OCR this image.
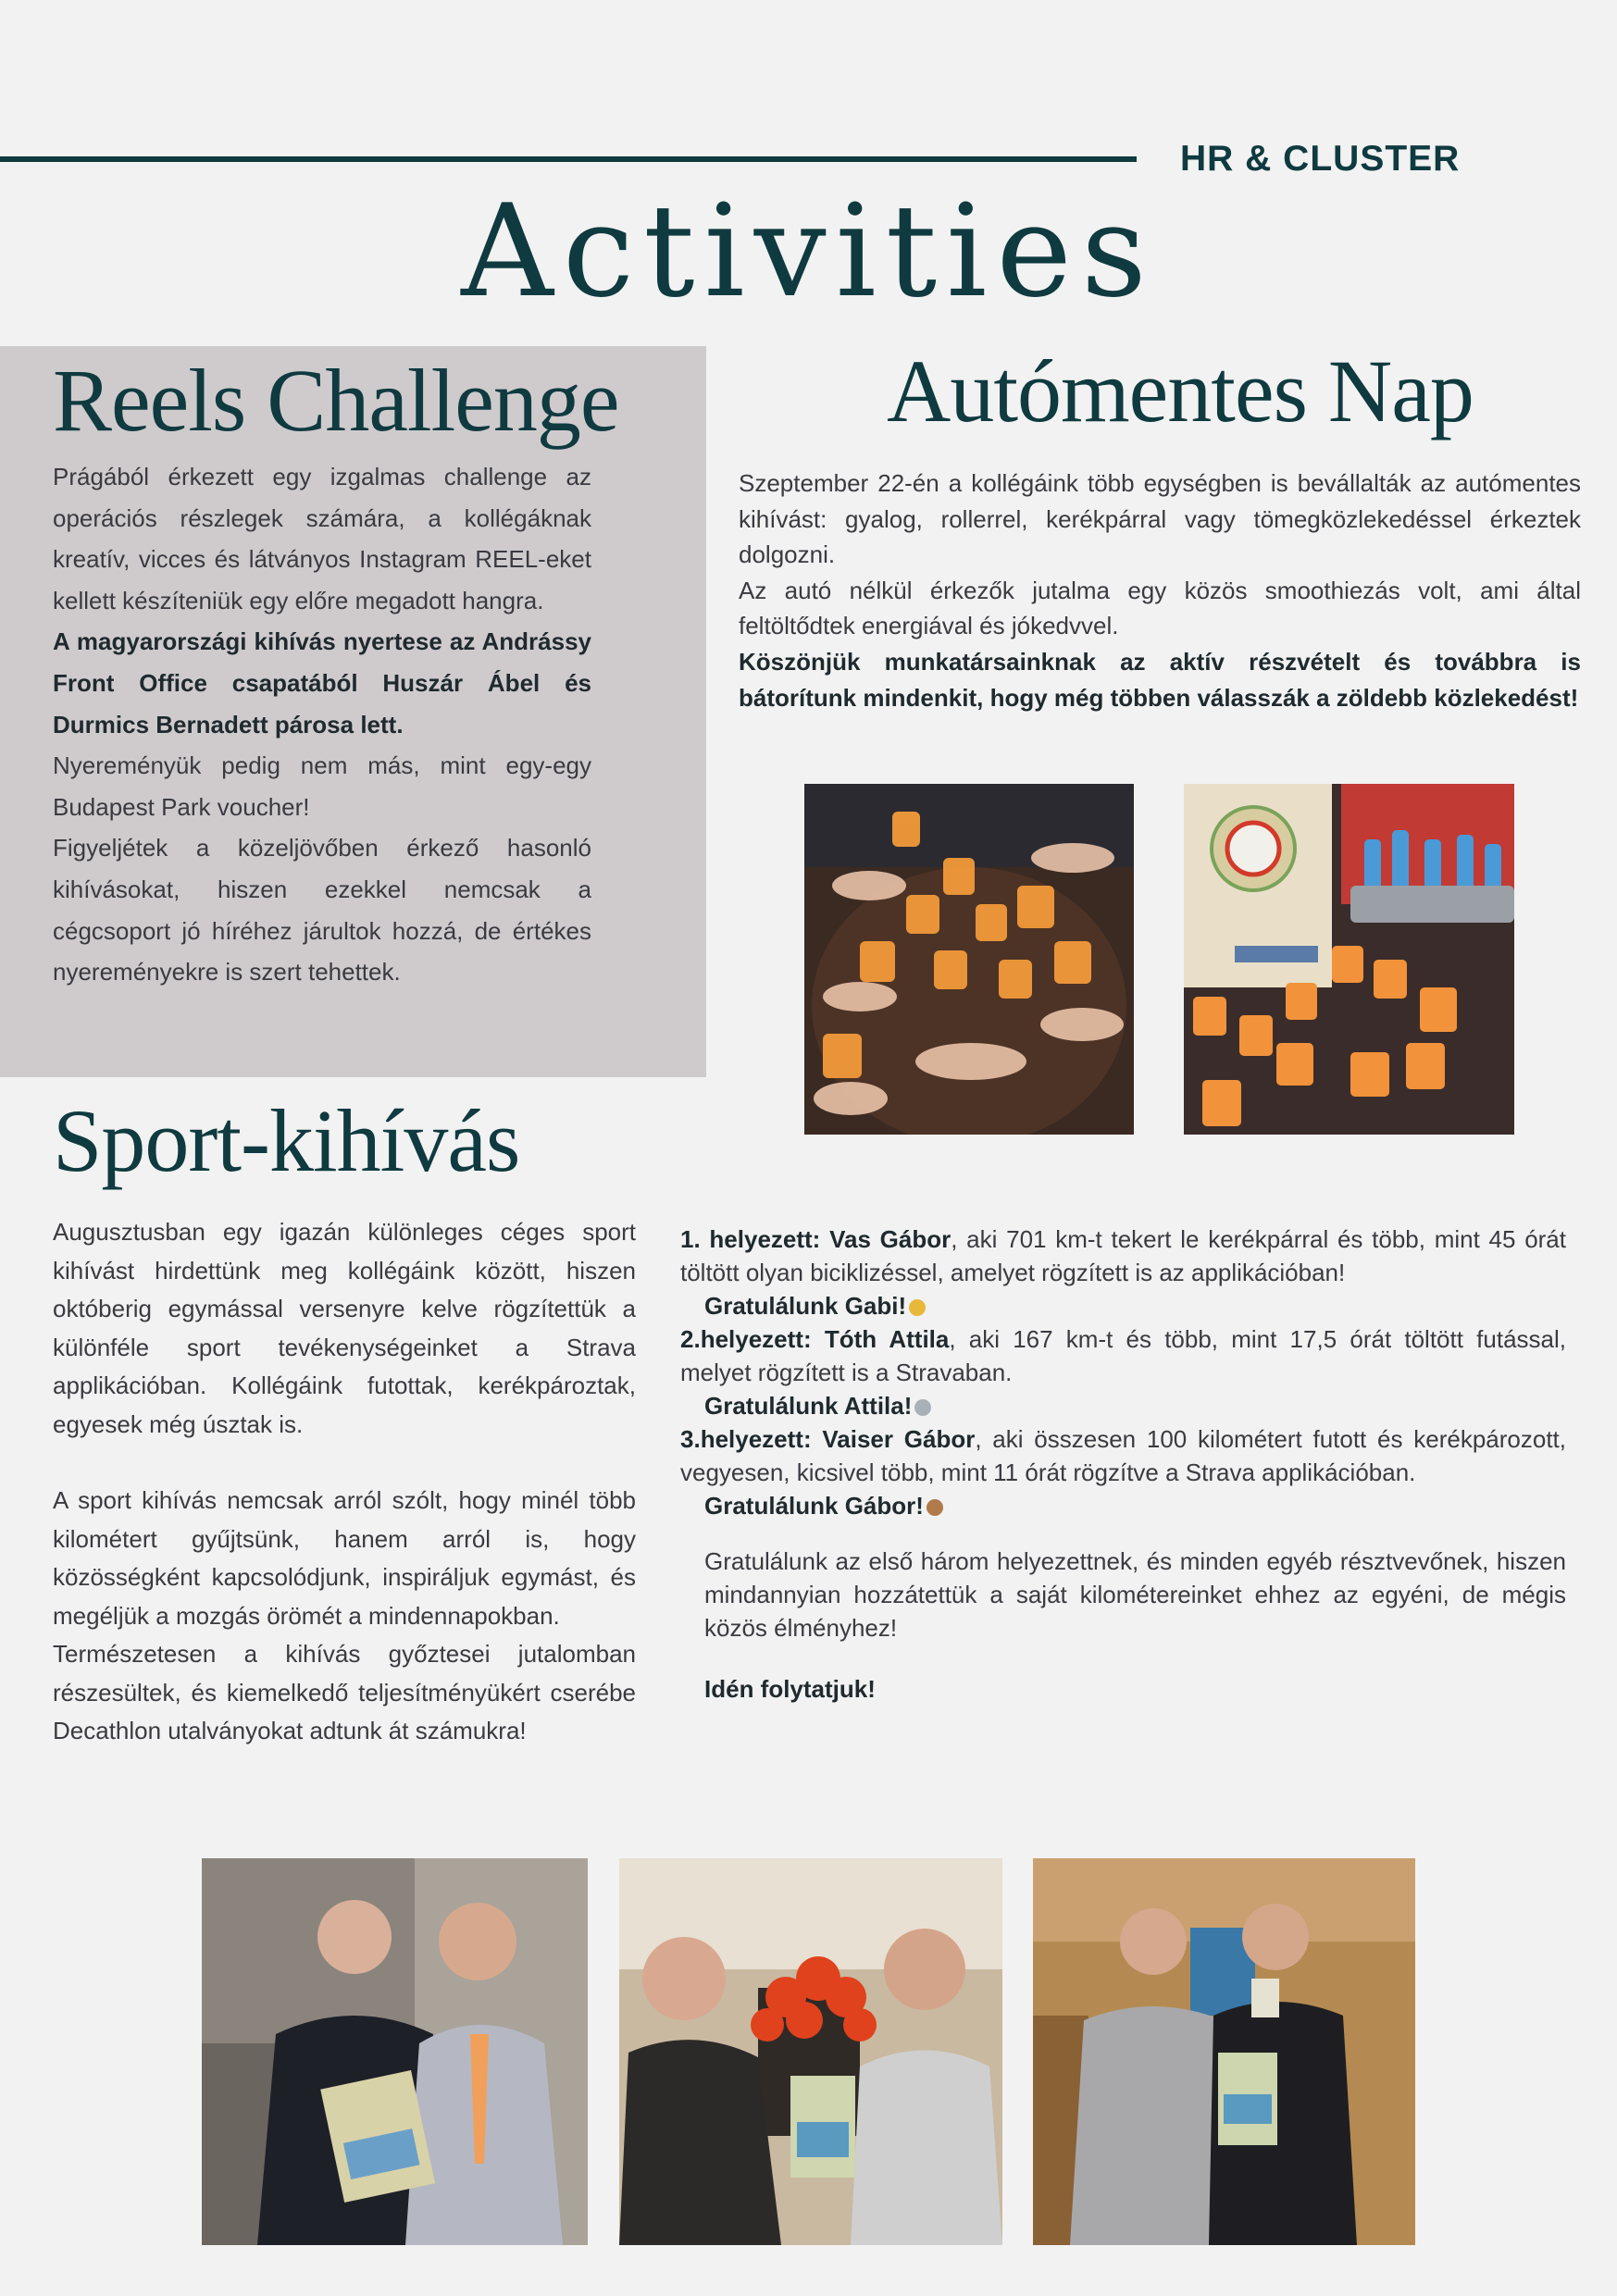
HR & CLUSTER
Activities
Reels Challenge

Prágából érkezett egy izgalmas challenge az operációs részlegek számára, a kollégáknak kreatív, vicces és látványos Instagram REEL-eket kellett készíteniük egy előre megadott hangra.

A magyarországi kihívás nyertese az Andrássy Front Office csapatából Huszár Ábel és Durmics Bernadett párosa lett.

Nyereményük pedig nem más, mint egy-egy Budapest Park voucher!

Figyeljétek a közeljövőben érkező hasonló kihívásokat, hiszen ezekkel nemcsak a cégcsoport jó híréhez járultok hozzá, de értékes nyereményekre is szert tehettek.

Autómentes Nap

Szeptember 22-én a kollégáink több egységben is bevállalták az autómentes kihívást: gyalog, rollerrel, kerékpárral vagy tömegközlekedéssel érkeztek dolgozni.

Az autó nélkül érkezők jutalma egy közös smoothiezás volt, ami által feltöltődtek energiával és jókedvvel.

Köszönjük munkatársainknak az aktív részvételt és továbbra is bátorítunk mindenkit, hogy még többen válasszák a zöldebb közlekedést!

Sport-kihívás

Augusztusban egy igazán különleges céges sport kihívást hirdettünk meg kollégáink között, hiszen októberig egymással versenyre kelve rögzítettük a különféle sport tevékenységeinket a Strava applikációban. Kollégáink futottak, kerékpároztak, egyesek még úsztak is.

A sport kihívás nemcsak arról szólt, hogy minél több kilométert gyűjtsünk, hanem arról is, hogy közösségként kapcsolódjunk, inspiráljuk egymást, és megéljük a mozgás örömét a mindennapokban.

Természetesen a kihívás győztesei jutalomban részesültek, és kiemelkedő teljesítményükért cserébe Decathlon utalványokat adtunk át számukra!

1. helyezett: Vas Gábor, aki 701 km-t tekert le kerékpárral és több, mint 45 órát töltött olyan biciklizéssel, amelyet rögzített is az applikációban!
Gratulálunk Gabi!

2.helyezett: Tóth Attila, aki 167 km-t és több, mint 17,5 órát töltött futással, melyet rögzített is a Stravaban.
Gratulálunk Attila!

3.helyezett: Vaiser Gábor, aki összesen 100 kilométert futott és kerékpározott, vegyesen, kicsivel több, mint 11 órát rögzítve a Strava applikációban.
Gratulálunk Gábor!

Gratulálunk az első három helyezettnek, és minden egyéb résztvevőnek, hiszen mindannyian hozzátettük a saját kilométereinket ehhez az egyéni, de mégis közös élményhez!

Idén folytatjuk!
